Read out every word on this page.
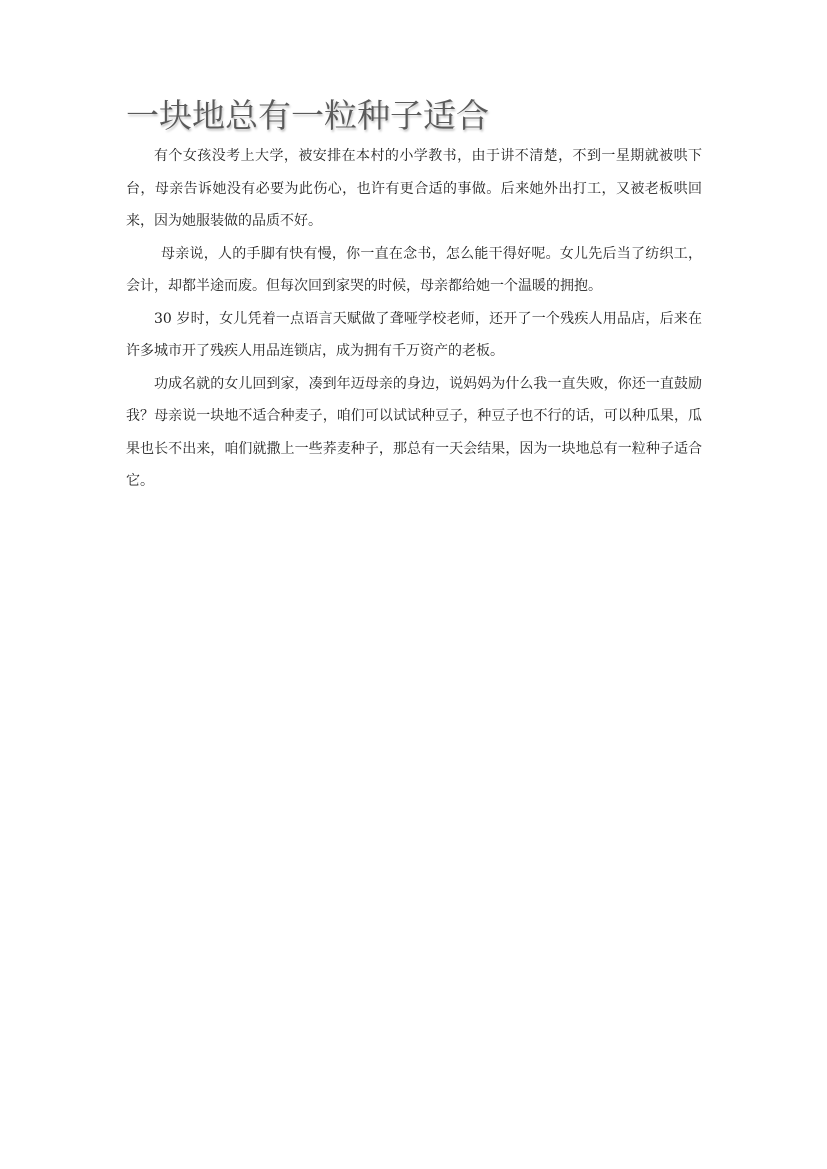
一块地总有一粒种子适合

有个女孩没考上大学，被安排在本村的小学教书，由于讲不清楚，不到一星期就被哄下台，母亲告诉她没有必要为此伤心，也许有更合适的事做。后来她外出打工，又被老板哄回来，因为她服装做的品质不好。

母亲说，人的手脚有快有慢，你一直在念书，怎么能干得好呢。女儿先后当了纺织工，会计，却都半途而废。但每次回到家哭的时候，母亲都给她一个温暖的拥抱。

30 岁时，女儿凭着一点语言天赋做了聋哑学校老师，还开了一个残疾人用品店，后来在许多城市开了残疾人用品连锁店，成为拥有千万资产的老板。

功成名就的女儿回到家，凑到年迈母亲的身边，说妈妈为什么我一直失败，你还一直鼓励我？母亲说一块地不适合种麦子，咱们可以试试种豆子，种豆子也不行的话，可以种瓜果，瓜果也长不出来，咱们就撒上一些荞麦种子，那总有一天会结果，因为一块地总有一粒种子适合它。
